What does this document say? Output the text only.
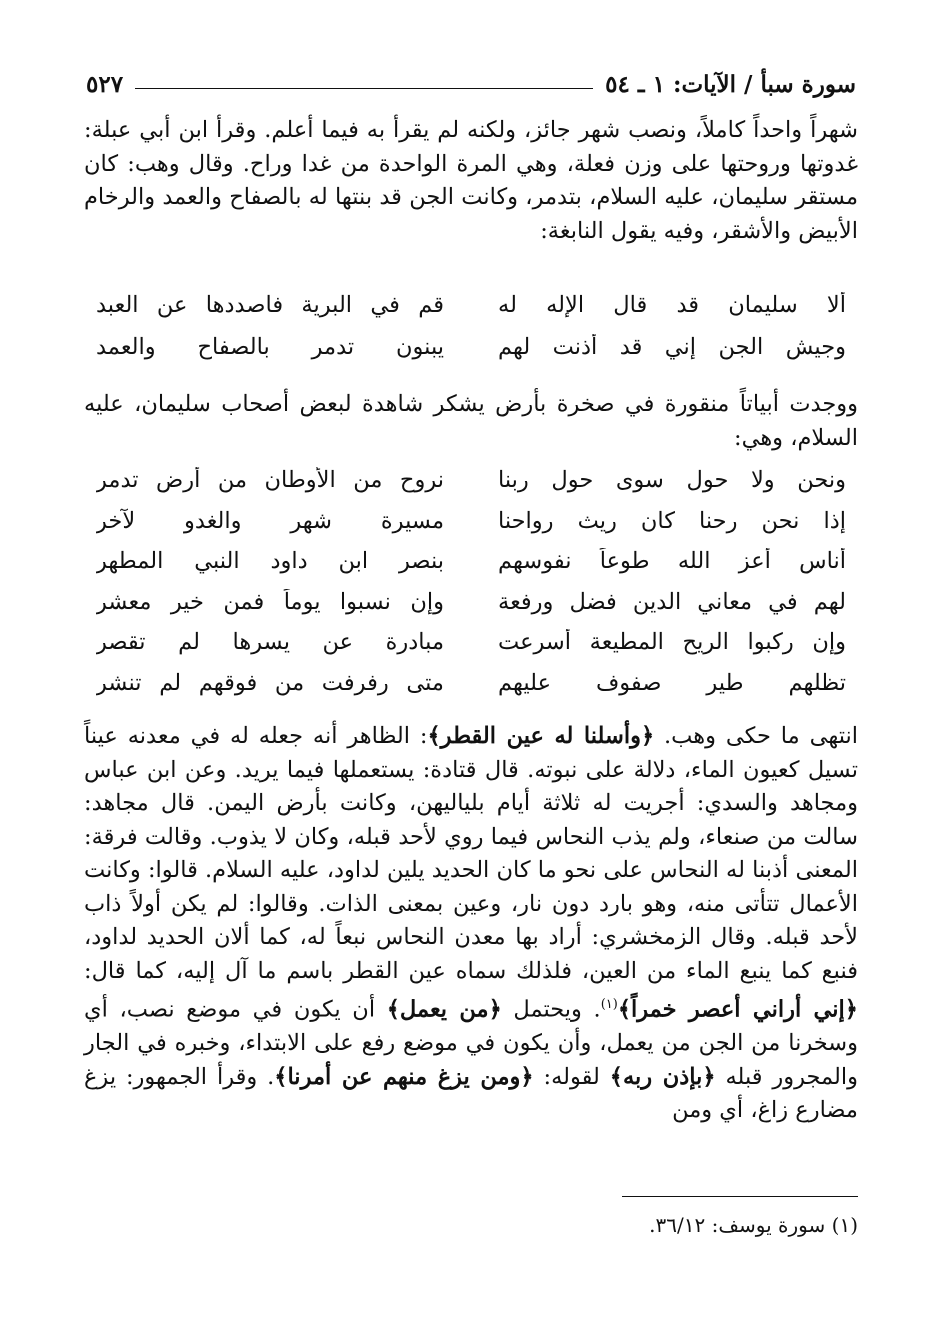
سورة سبأ / الآيات: ١ ـ ٥٤
٥٢٧
شهراً واحداً كاملاً، ونصب شهر جائز، ولكنه لم يقرأ به فيما أعلم. وقرأ ابن أبي عبلة: غدوتها وروحتها على وزن فعلة، وهي المرة الواحدة من غدا وراح. وقال وهب: كان مستقر سليمان، عليه السلام، بتدمر، وكانت الجن قد بنتها له بالصفاح والعمد والرخام الأبيض والأشقر، وفيه يقول النابغة:
ألا سليمان قد قال الإله له
قم في البرية فاصددها عن العبد
وجيش الجن إني قد أذنت لهم
يبنون تدمر بالصفاح والعمد
ووجدت أبياتاً منقورة في صخرة بأرض يشكر شاهدة لبعض أصحاب سليمان، عليه السلام، وهي:
ونحن ولا حول سوى حول ربنا
نروح من الأوطان من أرض تدمر
إذا نحن رحنا كان ريث رواحنا
مسيرة شهر والغدو لآخر
أناس أعز الله طوعاً نفوسهم
بنصر ابن داود النبي المطهر
لهم في معاني الدين فضل ورفعة
وإن نسبوا يوماً فمن خير معشر
وإن ركبوا الريح المطيعة أسرعت
مبادرة عن يسرها لم تقصر
تظلهم طير صفوف عليهم
متى رفرفت من فوقهم لم تنشر
انتهى ما حكى وهب. ﴿وأسلنا له عين القطر﴾: الظاهر أنه جعله له في معدنه عيناً تسيل كعيون الماء، دلالة على نبوته. قال قتادة: يستعملها فيما يريد. وعن ابن عباس ومجاهد والسدي: أجريت له ثلاثة أيام بلياليهن، وكانت بأرض اليمن. قال مجاهد: سالت من صنعاء، ولم يذب النحاس فيما روي لأحد قبله، وكان لا يذوب. وقالت فرقة: المعنى أذبنا له النحاس على نحو ما كان الحديد يلين لداود، عليه السلام. قالوا: وكانت الأعمال تتأتى منه، وهو بارد دون نار، وعين بمعنى الذات. وقالوا: لم يكن أولاً ذاب لأحد قبله. وقال الزمخشري: أراد بها معدن النحاس نبعاً له، كما ألان الحديد لداود، فنبع كما ينبع الماء من العين، فلذلك سماه عين القطر باسم ما آل إليه، كما قال: ﴿إني أراني أعصر خمراً﴾$^{(١)}$. ويحتمل ﴿من يعمل﴾ أن يكون في موضع نصب، أي وسخرنا من الجن من يعمل، وأن يكون في موضع رفع على الابتداء، وخبره في الجار والمجرور قبله ﴿بإذن ربه﴾ لقوله: ﴿ومن يزغ منهم عن أمرنا﴾. وقرأ الجمهور: يزغ مضارع زاغ، أي ومن
(١) سورة يوسف: ٣٦/١٢.
